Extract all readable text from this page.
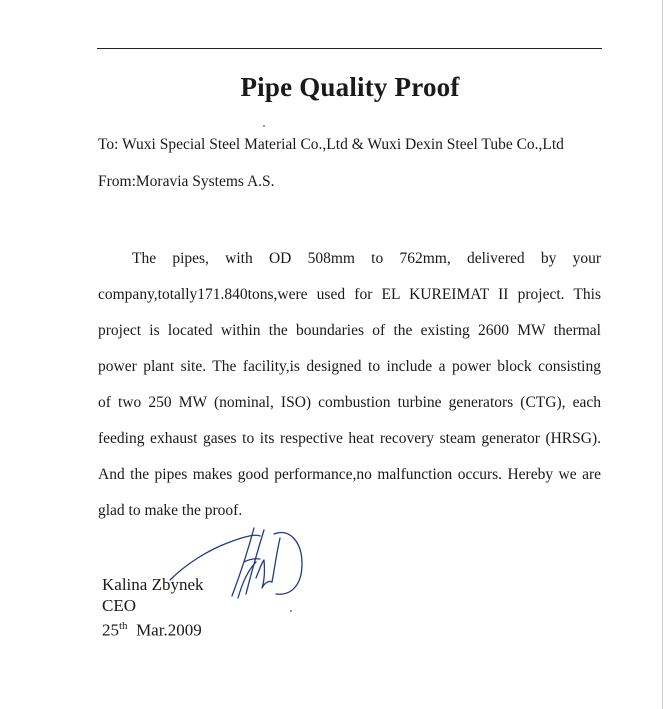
Pipe Quality Proof

To: Wuxi Special Steel Material Co.,Ltd & Wuxi Dexin Steel Tube Co.,Ltd

From:Moravia Systems A.S.

The pipes, with OD 508mm to 762mm, delivered by your
company,totally171.840tons,were used for EL KUREIMAT II project. This
project is located within the boundaries of the existing 2600 MW thermal
power plant site. The facility,is designed to include a power block consisting
of two 250 MW (nominal, ISO) combustion turbine generators (CTG), each
feeding exhaust gases to its respective heat recovery steam generator (HRSG).
And the pipes makes good performance,no malfunction occurs. Hereby we are
glad to make the proof.
Kalina Zbynek
CEO
25th Mar.2009
